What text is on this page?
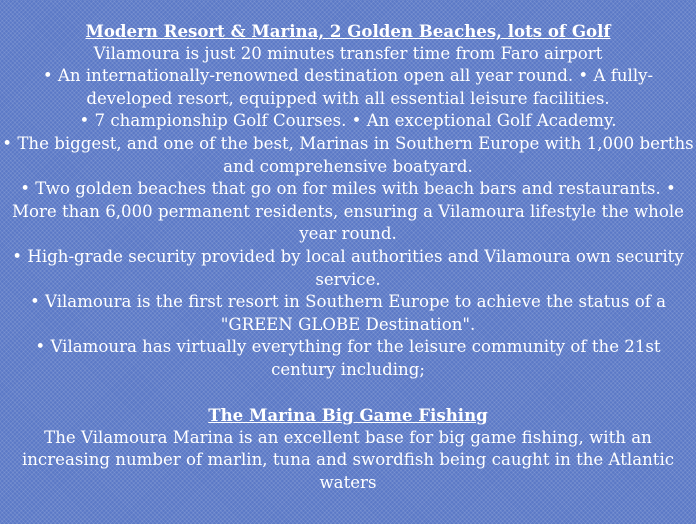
Modern Resort & Marina, 2 Golden Beaches, lots of Golf
Vilamoura is just 20 minutes transfer time from Faro airport
• An internationally-renowned destination open all year round. • A fully-developed resort, equipped with all essential leisure facilities.
• 7 championship Golf Courses. • An exceptional Golf Academy.
• The biggest, and one of the best, Marinas in Southern Europe with 1,000 berths and comprehensive boatyard.
• Two golden beaches that go on for miles with beach bars and restaurants. • More than 6,000 permanent residents, ensuring a Vilamoura lifestyle the whole year round.
• High-grade security provided by local authorities and Vilamoura own security service.
• Vilamoura is the first resort in Southern Europe to achieve the status of a "GREEN GLOBE Destination".
• Vilamoura has virtually everything for the leisure community of the 21st century including;
The Marina Big Game Fishing
The Vilamoura Marina is an excellent base for big game fishing, with an increasing number of marlin, tuna and swordfish being caught in the Atlantic waters
